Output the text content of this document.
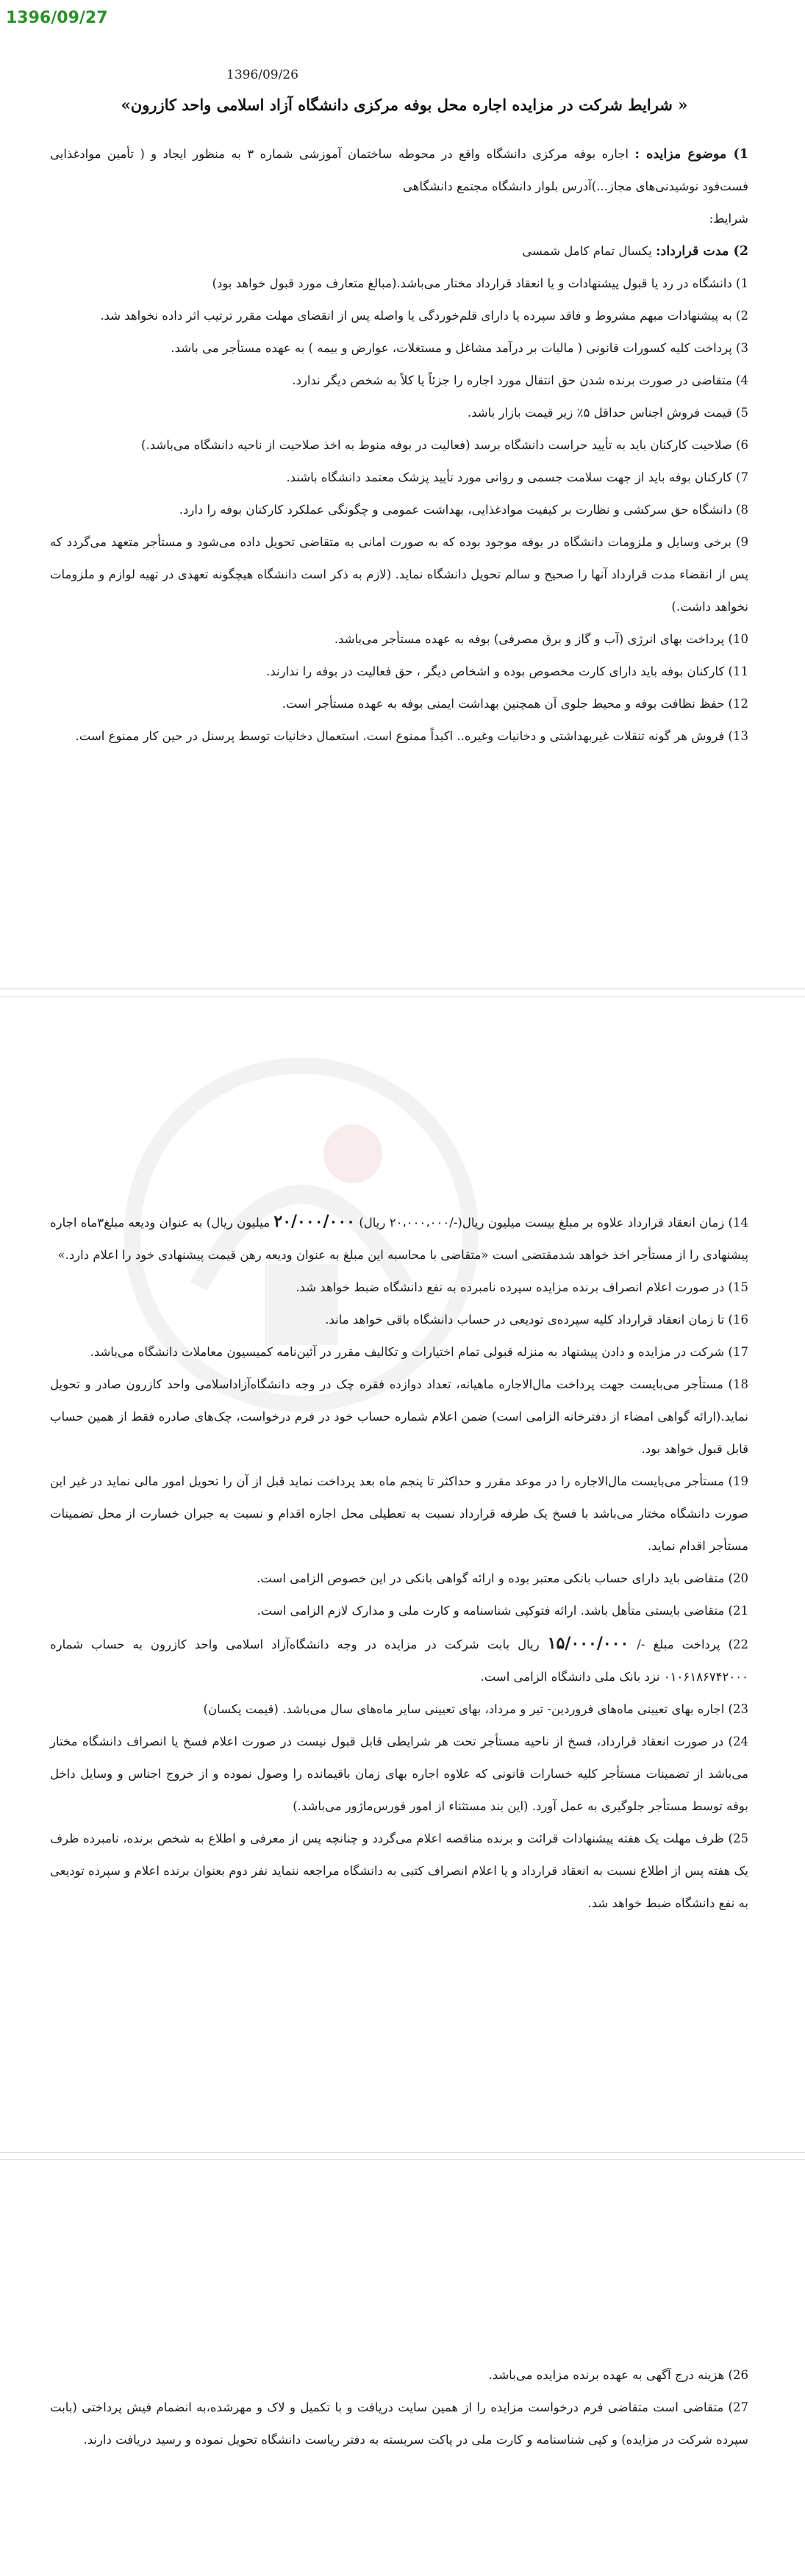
1396/09/27
1396/09/26
« شرایط شرکت در مزایده اجاره محل بوفه مرکزی دانشگاه آزاد اسلامی واحد کازرون»

1) موضوع مزایده : اجاره بوفه مرکزی دانشگاه واقع در محوطه ساختمان آموزشی شماره ۳ به منظور ایجاد و ( تأمین موادغذایی فست‌فود نوشیدنی‌های مجاز...)آدرس بلوار دانشگاه مجتمع دانشگاهی

شرایط:

2) مدت قرارداد: یکسال تمام کامل شمسی

1) دانشگاه در رد یا قبول پیشنهادات و یا انعقاد قرارداد مختار می‌باشد.(مبالغ متعارف مورد قبول خواهد بود)

2) به پیشنهادات مبهم مشروط و فاقد سپرده یا دارای قلم‌خوردگی یا واصله پس از انقضای مهلت مقرر ترتیب اثر داده نخواهد شد.

3) پرداخت کلیه کسورات قانونی ( مالیات بر درآمد مشاغل و مستغلات، عوارض و بیمه ) به عهده مستأجر می باشد.

4) متقاضی در صورت برنده شدن حق انتقال مورد اجاره را جزئاً یا کلاً به شخص دیگر ندارد.

5) قیمت فروش اجناس حداقل ۵٪ زیر قیمت بازار باشد.

6) صلاحیت کارکنان باید به تأیید حراست دانشگاه برسد (فعالیت در بوفه منوط به اخذ صلاحیت از ناحیه دانشگاه می‌باشد.)

7) کارکنان بوفه باید از جهت سلامت جسمی و روانی مورد تأیید پزشک معتمد دانشگاه باشند.

8) دانشگاه حق سرکشی و نظارت بر کیفیت موادغذایی، بهداشت عمومی و چگونگی عملکرد کارکنان بوفه را دارد.

9) برخی وسایل و ملزومات دانشگاه در بوفه موجود بوده که به صورت امانی به متقاضی تحویل داده می‌شود و مستأجر متعهد می‌گردد که پس از انقضاء مدت قرارداد آنها را صحیح و سالم تحویل دانشگاه نماید. (لازم به ذکر است دانشگاه هیچگونه تعهدی در تهیه لوازم و ملزومات نخواهد داشت.)

10) پرداخت بهای انرژی (آب و گاز و برق مصرفی) بوفه به عهده مستأجر می‌باشد.

11) کارکنان بوفه باید دارای کارت مخصوص بوده و اشخاص دیگر ، حق فعالیت در بوفه را ندارند.

12) حفظ نظافت بوفه و محیط جلوی آن همچنین بهداشت ایمنی بوفه به عهده مستأجر است.

13) فروش هر گونه تنقلات غیربهداشتی و دخانیات وغیره.. اکیداً ممنوع است. استعمال دخانیات توسط پرسنل در حین کار ممنوع است.

14) زمان انعقاد قرارداد علاوه بر مبلغ بیست میلیون ریال(-/۲۰،۰۰۰،۰۰۰ ریال) ۲۰/۰۰۰/۰۰۰ میلیون ریال) به عنوان ودیعه مبلغ۳ماه اجاره پیشنهادی را از مستأجر اخذ خواهد شدمقتضی است «متقاضی با محاسبه این مبلغ به عنوان ودیعه رهن قیمت پیشنهادی خود را اعلام دارد.»

15) در صورت اعلام انصراف برنده مزایده سپرده نامبرده به نفع دانشگاه ضبط خواهد شد.

16) تا زمان انعقاد قرارداد کلیه سپرده‌ی تودیعی در حساب دانشگاه باقی خواهد ماند.

17) شرکت در مزایده و دادن پیشنهاد به منزله قبولی تمام اختیارات و تکالیف مقرر در آئین‌نامه کمیسیون معاملات دانشگاه می‌باشد.

18) مستأجر می‌بایست جهت پرداخت مال‌الاجاره ماهیانه، تعداد دوازده فقره چک در وجه دانشگاه‌آزاداسلامی واحد کازرون صادر و تحویل نماید.(ارائه گواهی امضاء از دفترخانه الزامی است) ضمن اعلام شماره حساب خود در فرم درخواست، چک‌های صادره فقط از همین حساب قابل قبول خواهد بود.

19) مستأجر می‌بایست مال‌الاجاره را در موعد مقرر و حداکثر تا پنجم ماه بعد پرداخت نماید قبل از آن را تحویل امور مالی نماید در غیر این صورت دانشگاه مختار می‌باشد با فسخ یک طرفه قرارداد نسبت به تعطیلی محل اجاره اقدام و نسبت به جبران خسارت از محل تضمینات مستأجر اقدام نماید.

20) متقاضی باید دارای حساب بانکی معتبر بوده و ارائه گواهی بانکی در این خصوص الزامی است.

21) متقاضی بایستی متأهل باشد. ارائه فتوکپی شناسنامه و کارت ملی و مدارک لازم الزامی است.

22) پرداخت مبلغ -/ ۱۵/۰۰۰/۰۰۰ ریال بابت شرکت در مزایده در وجه دانشگاه‌آزاد اسلامی واحد کازرون به حساب شماره ۰۱۰۶۱۸۶۷۴۲۰۰۰ نزد بانک ملی دانشگاه الزامی است.

23) اجاره بهای تعیینی ماه‌های فروردین- تیر و مرداد، بهای تعیینی سایر ماه‌های سال می‌باشد. (قیمت یکسان)

24) در صورت انعقاد قرارداد، فسخ از ناحیه مستأجر تحت هر شرایطی قابل قبول نیست در صورت اعلام فسخ یا انصراف دانشگاه مختار می‌باشد از تضمینات مستأجر کلیه خسارات قانونی که علاوه اجاره بهای زمان باقیمانده را وصول نموده و از خروج اجناس و وسایل داخل بوفه توسط مستأجر جلوگیری به عمل آورد. (این بند مستثناء از امور فورس‌ماژور می‌باشد.)

25) ظرف مهلت یک هفته پیشنهادات قرائت و برنده مناقصه اعلام می‌گردد و چنانچه پس از معرفی و اطلاع به شخص برنده، نامبرده ظرف یک هفته پس از اطلاع نسبت به انعقاد قرارداد و یا اعلام انصراف کتبی به دانشگاه مراجعه ننماید نفر دوم بعنوان برنده اعلام و سپرده تودیعی به نفع دانشگاه ضبط خواهد شد.

26) هزینه درج آگهی به عهده برنده مزایده می‌باشد.

27) متقاضی است متقاضی فرم درخواست مزایده را از همین سایت دریافت و با تکمیل و لاک و مهرشده،به انضمام فیش پرداختی (بابت سپرده شرکت در مزایده) و کپی شناسنامه و کارت ملی در پاکت سربسته به دفتر ریاست دانشگاه تحویل نموده و رسید دریافت دارند.
